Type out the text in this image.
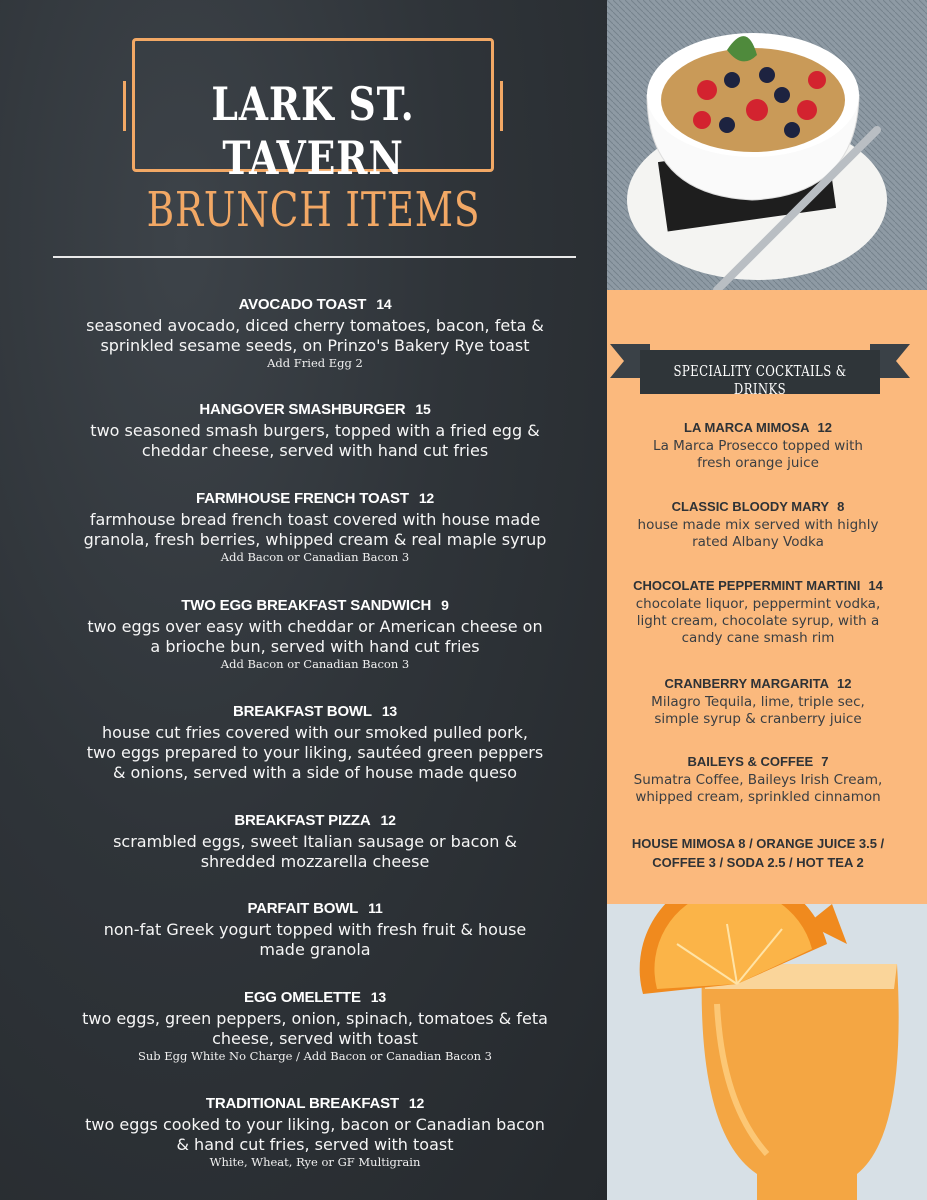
LARK ST. TAVERN
BRUNCH ITEMS
AVOCADO TOAST 14
seasoned avocado, diced cherry tomatoes, bacon, feta &
sprinkled sesame seeds, on Prinzo's Bakery Rye toast
Add Fried Egg 2
HANGOVER SMASHBURGER 15
two seasoned smash burgers, topped with a fried egg &
cheddar cheese, served with hand cut fries
FARMHOUSE FRENCH TOAST 12
farmhouse bread french toast covered with house made
granola, fresh berries, whipped cream & real maple syrup
Add Bacon or Canadian Bacon 3
TWO EGG BREAKFAST SANDWICH 9
two eggs over easy with cheddar or American cheese on
a brioche bun, served with hand cut fries
Add Bacon or Canadian Bacon 3
BREAKFAST BOWL 13
house cut fries covered with our smoked pulled pork,
two eggs prepared to your liking, sautéed green peppers
& onions, served with a side of house made queso
BREAKFAST PIZZA 12
scrambled eggs, sweet Italian sausage or bacon &
shredded mozzarella cheese
PARFAIT BOWL 11
non-fat Greek yogurt topped with fresh fruit & house
made granola
EGG OMELETTE 13
two eggs, green peppers, onion, spinach, tomatoes & feta
cheese, served with toast
Sub Egg White No Charge / Add Bacon or Canadian Bacon 3
TRADITIONAL BREAKFAST 12
two eggs cooked to your liking, bacon or Canadian bacon
& hand cut fries, served with toast
White, Wheat, Rye or GF Multigrain
SPECIALITY COCKTAILS & DRINKS
LA MARCA MIMOSA 12
La Marca Prosecco topped with
fresh orange juice
CLASSIC BLOODY MARY 8
house made mix served with highly
rated Albany Vodka
CHOCOLATE PEPPERMINT MARTINI 14
chocolate liquor, peppermint vodka,
light cream, chocolate syrup, with a
candy cane smash rim
CRANBERRY MARGARITA 12
Milagro Tequila, lime, triple sec,
simple syrup & cranberry juice
BAILEYS & COFFEE 7
Sumatra Coffee, Baileys Irish Cream,
whipped cream, sprinkled cinnamon
HOUSE MIMOSA 8 / ORANGE JUICE 3.5 /
COFFEE 3 / SODA 2.5 / HOT TEA 2
